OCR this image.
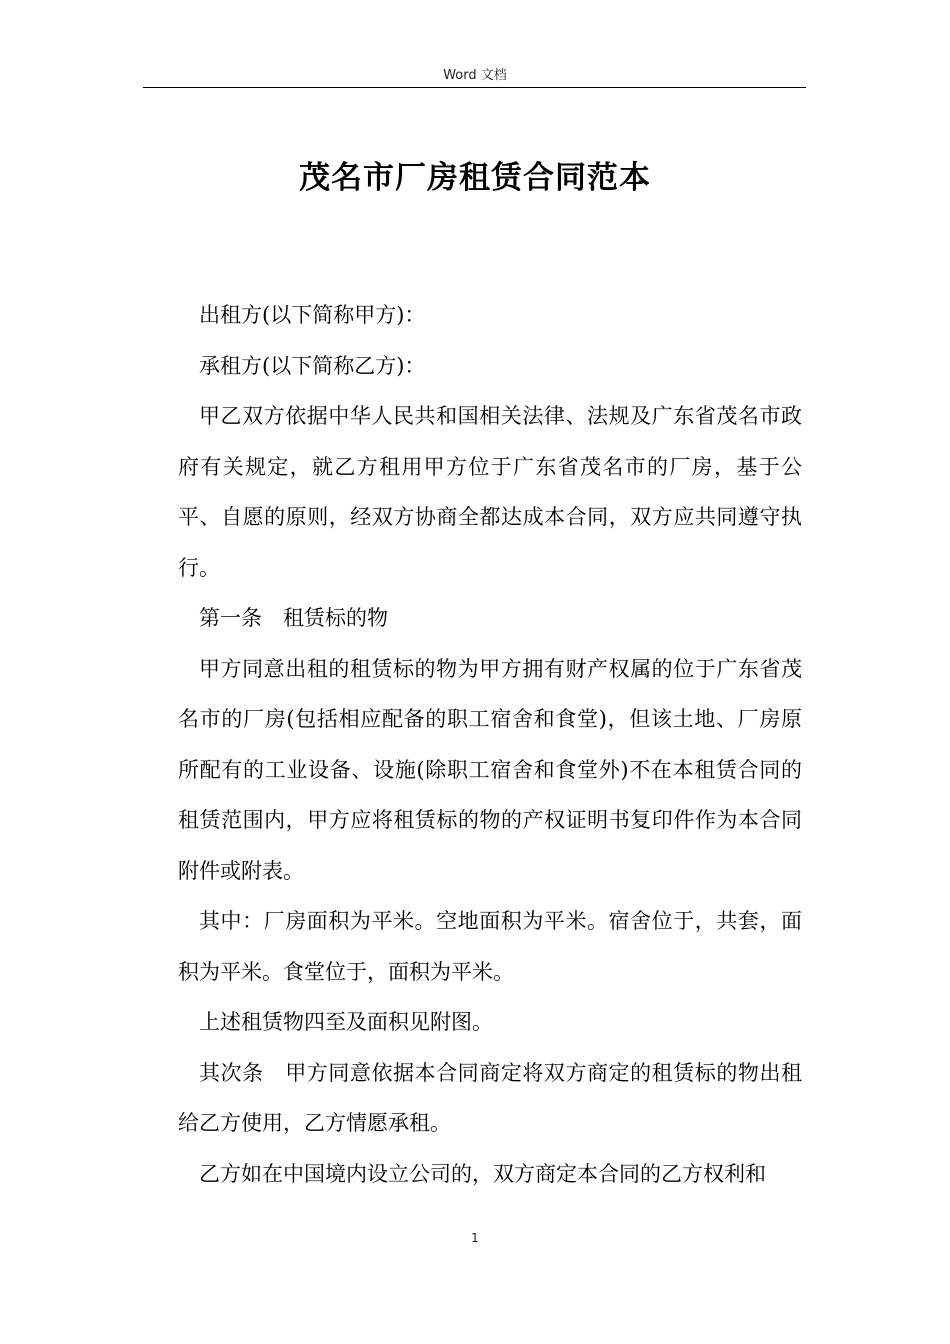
Word 文档
茂名市厂房租赁合同范本

出租方(以下简称甲方)：

承租方(以下简称乙方)：

甲乙双方依据中华人民共和国相关法律、法规及广东省茂名市政府有关规定，就乙方租用甲方位于广东省茂名市的厂房，基于公平、自愿的原则，经双方协商全都达成本合同，双方应共同遵守执行。

第一条　租赁标的物

甲方同意出租的租赁标的物为甲方拥有财产权属的位于广东省茂名市的厂房(包括相应配备的职工宿舍和食堂)，但该土地、厂房原所配有的工业设备、设施(除职工宿舍和食堂外)不在本租赁合同的租赁范围内，甲方应将租赁标的物的产权证明书复印件作为本合同附件或附表。

其中：厂房面积为平米。空地面积为平米。宿舍位于，共套，面积为平米。食堂位于，面积为平米。

上述租赁物四至及面积见附图。

其次条　甲方同意依据本合同商定将双方商定的租赁标的物出租给乙方使用，乙方情愿承租。

乙方如在中国境内设立公司的，双方商定本合同的乙方权利和

1
